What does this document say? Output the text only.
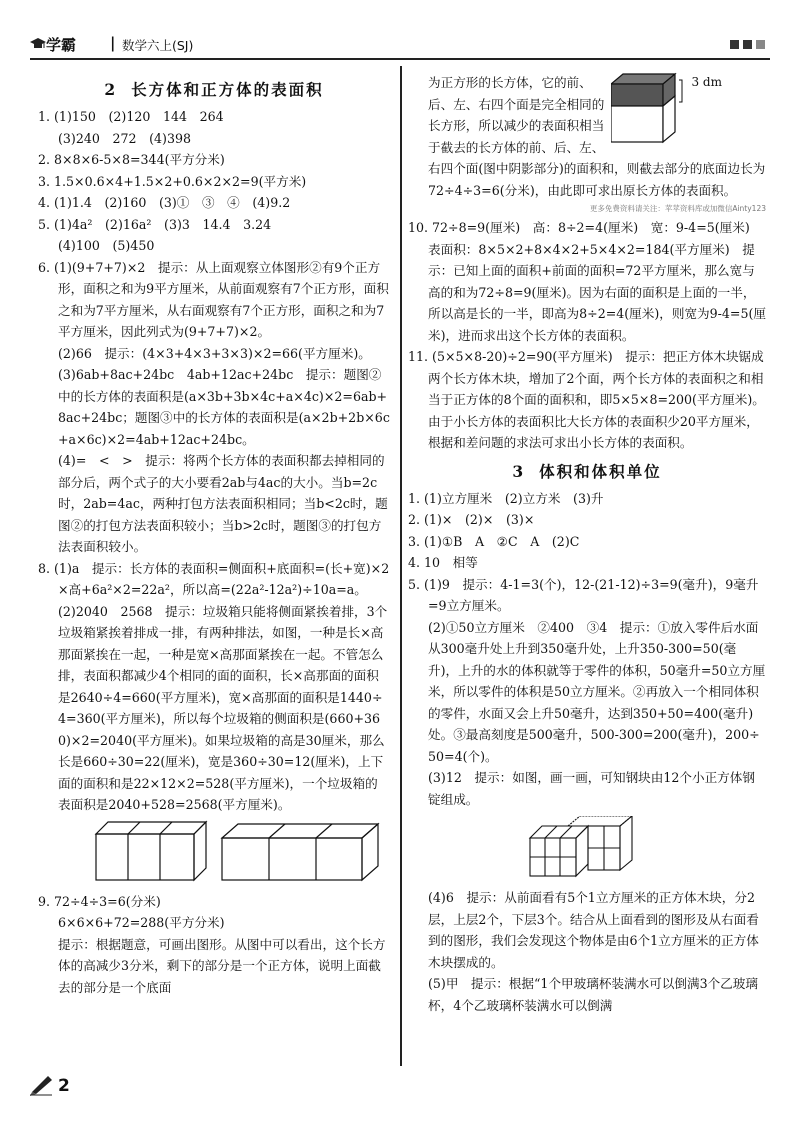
学霸 | 数学六上(SJ)
2 长方体和正方体的表面积

1. (1)150　(2)120　144　264

(3)240　272　(4)398

2. 8×8×6-5×8=344(平方分米)

3. 1.5×0.6×4+1.5×2+0.6×2×2=9(平方米)

4. (1)1.4　(2)160　(3)①　③　④　(4)9.2

5. (1)4a²　(2)16a²　(3)3　14.4　3.24

(4)100　(5)450

6. (1)(9+7+7)×2　提示：从上面观察立体图形②有9个正方形，面积之和为9平方厘米，从前面观察有7个正方形，面积之和为7平方厘米，从右面观察有7个正方形，面积之和为7平方厘米，因此列式为(9+7+7)×2。

(2)66　提示：(4×3+4×3+3×3)×2=66(平方厘米)。

(3)6ab+8ac+24bc　4ab+12ac+24bc　提示：题图②中的长方体的表面积是(a×3b+3b×4c+a×4c)×2=6ab+8ac+24bc；题图③中的长方体的表面积是(a×2b+2b×6c+a×6c)×2=4ab+12ac+24bc。

(4)=　<　>　提示：将两个长方体的表面积都去掉相同的部分后，两个式子的大小要看2ab与4ac的大小。当b=2c时，2ab=4ac，两种打包方法表面积相同；当b<2c时，题图②的打包方法表面积较小；当b>2c时，题图③的打包方法表面积较小。

8. (1)a　提示：长方体的表面积=侧面积+底面积=(长+宽)×2×高+6a²×2=22a²，所以高=(22a²-12a²)÷10a=a。

(2)2040　2568　提示：垃圾箱只能将侧面紧挨着排，3个垃圾箱紧挨着排成一排，有两种排法，如图，一种是长×高那面紧挨在一起，一种是宽×高那面紧挨在一起。不管怎么排，表面积都减少4个相同的面的面积，长×高那面的面积是2640÷4=660(平方厘米)，宽×高那面的面积是1440÷4=360(平方厘米)，所以每个垃圾箱的侧面积是(660+360)×2=2040(平方厘米)。如果垃圾箱的高是30厘米，那么长是660÷30=22(厘米)，宽是360÷30=12(厘米)，上下面的面积和是22×12×2=528(平方厘米)，一个垃圾箱的表面积是2040+528=2568(平方厘米)。

9. 72÷4÷3=6(分米)

6×6×6+72=288(平方分米)

提示：根据题意，可画出图形。从图中可以看出，这个长方体的高减少3分米，剩下的部分是一个正方体，说明上面截去的部分是一个底面

3 dm

为正方形的长方体，它的前、后、左、右四个面是完全相同的长方形，所以减少的表面积相当于截去的长方体的前、后、左、右四个面(图中阴影部分)的面积和，则截去部分的底面边长为72÷4÷3=6(分米)，由此即可求出原长方体的表面积。

更多免费资料请关注：苹苹资料库或加微信Ainty123

10. 72÷8=9(厘米)　高：8÷2=4(厘米)　宽：9-4=5(厘米)　表面积：8×5×2+8×4×2+5×4×2=184(平方厘米)　提示：已知上面的面积+前面的面积=72平方厘米，那么宽与高的和为72÷8=9(厘米)。因为右面的面积是上面的一半，所以高是长的一半，即高为8÷2=4(厘米)，则宽为9-4=5(厘米)，进而求出这个长方体的表面积。

11. (5×5×8-20)÷2=90(平方厘米)　提示：把正方体木块锯成两个长方体木块，增加了2个面，两个长方体的表面积之和相当于正方体的8个面的面积和，即5×5×8=200(平方厘米)。由于小长方体的表面积比大长方体的表面积少20平方厘米，根据和差问题的求法可求出小长方体的表面积。

3 体积和体积单位

1. (1)立方厘米　(2)立方米　(3)升

2. (1)×　(2)×　(3)×

3. (1)①B　A　②C　A　(2)C

4. 10　相等

5. (1)9　提示：4-1=3(个)，12-(21-12)÷3=9(毫升)，9毫升=9立方厘米。

(2)①50立方厘米　②400　③4　提示：①放入零件后水面从300毫升处上升到350毫升处，上升350-300=50(毫升)，上升的水的体积就等于零件的体积，50毫升=50立方厘米，所以零件的体积是50立方厘米。②再放入一个相同体积的零件，水面又会上升50毫升，达到350+50=400(毫升)处。③最高刻度是500毫升，500-300=200(毫升)，200÷50=4(个)。

(3)12　提示：如图，画一画，可知钢块由12个小正方体钢锭组成。

(4)6　提示：从前面看有5个1立方厘米的正方体木块，分2层，上层2个，下层3个。结合从上面看到的图形及从右面看到的图形，我们会发现这个物体是由6个1立方厘米的正方体木块摆成的。

(5)甲　提示：根据“1个甲玻璃杯装满水可以倒满3个乙玻璃杯，4个乙玻璃杯装满水可以倒满

2
